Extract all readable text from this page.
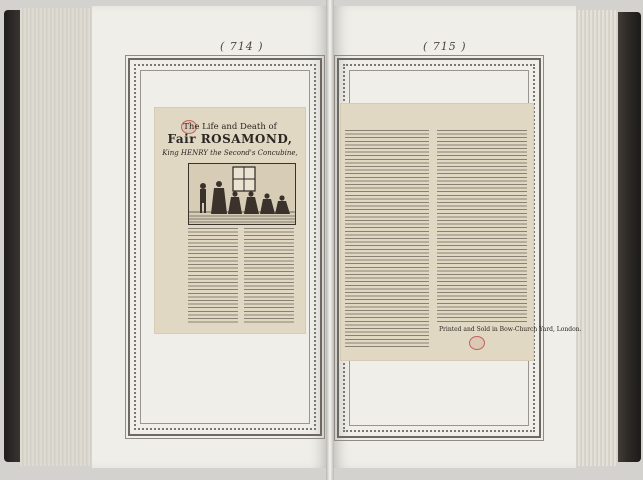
( 714 )	( 715 )
The Life and Death of
Fair ROSAMOND,
King HENRY the Second's Concubine,
Printed and Sold in Bow-Church Yard, London.
